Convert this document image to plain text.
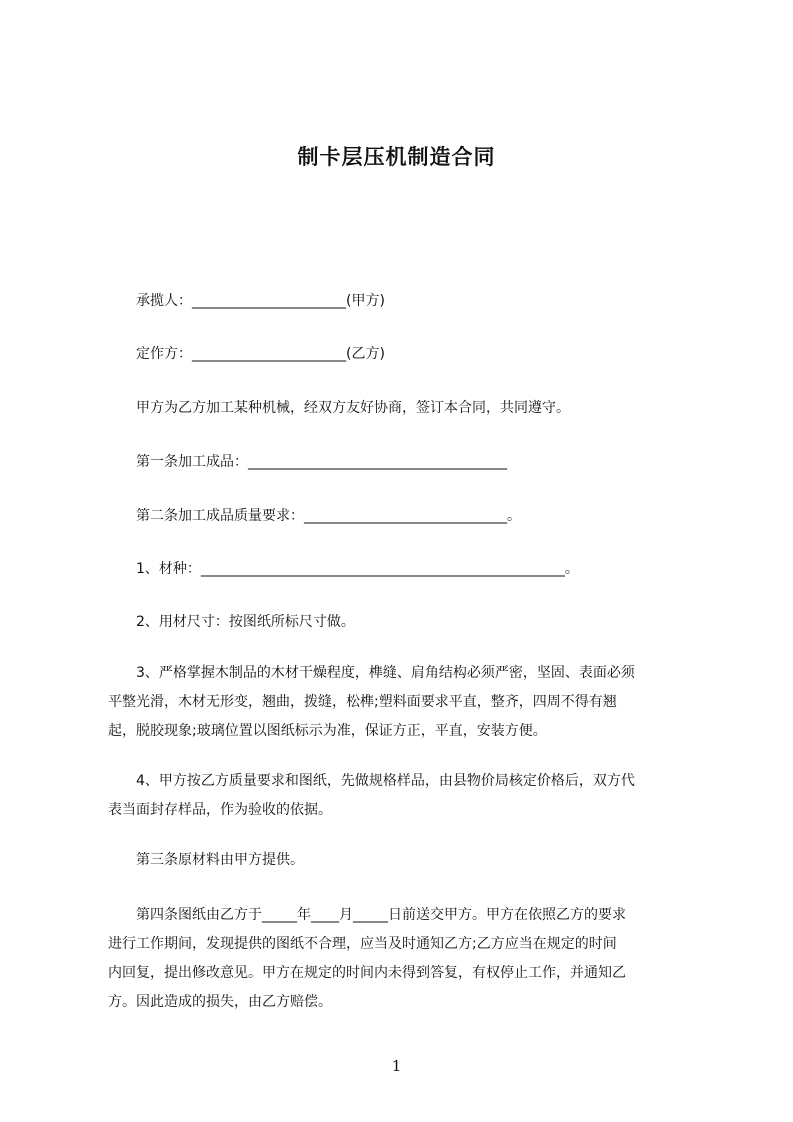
制卡层压机制造合同
承揽人：______________________(甲方)
定作方：______________________(乙方)
甲方为乙方加工某种机械，经双方友好协商，签订本合同，共同遵守。
第一条加工成品：_____________________________________
第二条加工成品质量要求：_____________________________。
1、材种：____________________________________________________。
2、用材尺寸：按图纸所标尺寸做。
3、严格掌握木制品的木材干燥程度，榫缝、肩角结构必须严密，坚固、表面必须
平整光滑，木材无形变，翘曲，拨缝，松榫;塑料面要求平直，整齐，四周不得有翘
起，脱胶现象;玻璃位置以图纸标示为准，保证方正，平直，安装方便。
4、甲方按乙方质量要求和图纸，先做规格样品，由县物价局核定价格后，双方代
表当面封存样品，作为验收的依据。
第三条原材料由甲方提供。
第四条图纸由乙方于_____年____月_____日前送交甲方。甲方在依照乙方的要求
进行工作期间，发现提供的图纸不合理，应当及时通知乙方;乙方应当在规定的时间
内回复，提出修改意见。甲方在规定的时间内未得到答复，有权停止工作，并通知乙
方。因此造成的损失，由乙方赔偿。
1
